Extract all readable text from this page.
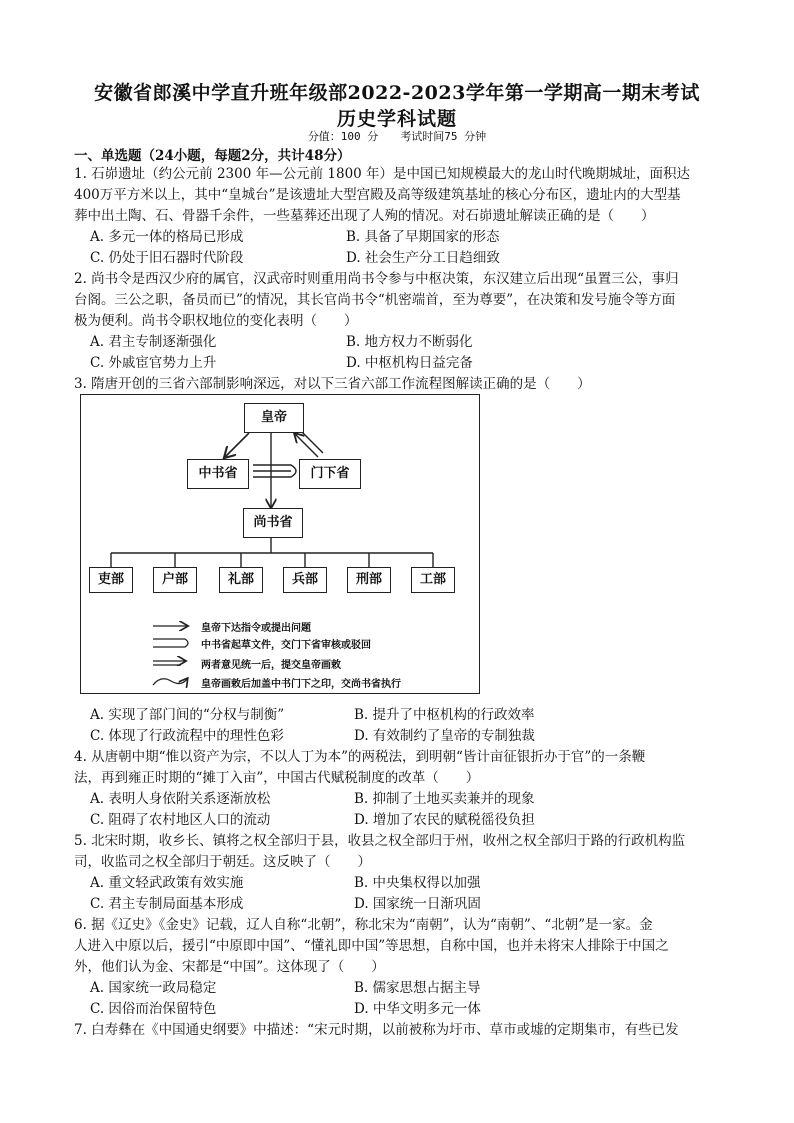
安徽省郎溪中学直升班年级部2022-2023学年第一学期高一期末考试
历史学科试题
分值：100 分 考试时间75 分钟
一、单选题（24小题，每题2分，共计48分）
1. 石峁遗址（约公元前 2300 年—公元前 1800 年）是中国已知规模最大的龙山时代晚期城址，面积达
400万平方米以上，其中“皇城台”是该遗址大型宫殿及高等级建筑基址的核心分布区，遗址内的大型基
葬中出土陶、石、骨器千余件，一些墓葬还出现了人殉的情况。对石峁遗址解读正确的是（　　）
A. 多元一体的格局已形成	B. 具备了早期国家的形态
C. 仍处于旧石器时代阶段	D. 社会生产分工日趋细致
2. 尚书令是西汉少府的属官，汉武帝时则重用尚书令参与中枢决策，东汉建立后出现“虽置三公，事归
台阁。三公之职，备员而已”的情况，其长官尚书令“机密端首，至为尊要”，在决策和发号施令等方面
极为便利。尚书令职权地位的变化表明（　　）
A. 君主专制逐渐强化	B. 地方权力不断弱化
C. 外戚宦官势力上升	D. 中枢机构日益完备
3. 隋唐开创的三省六部制影响深远，对以下三省六部工作流程图解读正确的是（　　）
皇帝
中书省	门下省
尚书省
吏部	户部	礼部	兵部	刑部	工部
皇帝下达指令或提出问题
中书省起草文件，交门下省审核或驳回
两者意见统一后，提交皇帝画敕
皇帝画敕后加盖中书门下之印，交尚书省执行
A. 实现了部门间的“分权与制衡”	B. 提升了中枢机构的行政效率
C. 体现了行政流程中的理性色彩	D. 有效制约了皇帝的专制独裁
4. 从唐朝中期“惟以资产为宗，不以人丁为本”的两税法，到明朝“皆计亩征银折办于官”的一条鞭
法，再到雍正时期的“摊丁入亩”，中国古代赋税制度的改革（　　）
A. 表明人身依附关系逐渐放松	B. 抑制了土地买卖兼并的现象
C. 阻碍了农村地区人口的流动	D. 增加了农民的赋税徭役负担
5. 北宋时期，收乡长、镇将之权全部归于县，收县之权全部归于州，收州之权全部归于路的行政机构监
司，收监司之权全部归于朝廷。这反映了（　　）
A. 重文轻武政策有效实施	B. 中央集权得以加强
C. 君主专制局面基本形成	D. 国家统一日渐巩固
6. 据《辽史》《金史》记载，辽人自称“北朝”，称北宋为“南朝”，认为“南朝”、“北朝”是一家。金
人进入中原以后，援引“中原即中国”、“懂礼即中国”等思想，自称中国，也并未将宋人排除于中国之
外，他们认为金、宋都是“中国”。这体现了（　　）
A. 国家统一政局稳定	B. 儒家思想占据主导
C. 因俗而治保留特色	D. 中华文明多元一体
7. 白寿彝在《中国通史纲要》中描述：“宋元时期，以前被称为圩市、草市或墟的定期集市，有些已发
